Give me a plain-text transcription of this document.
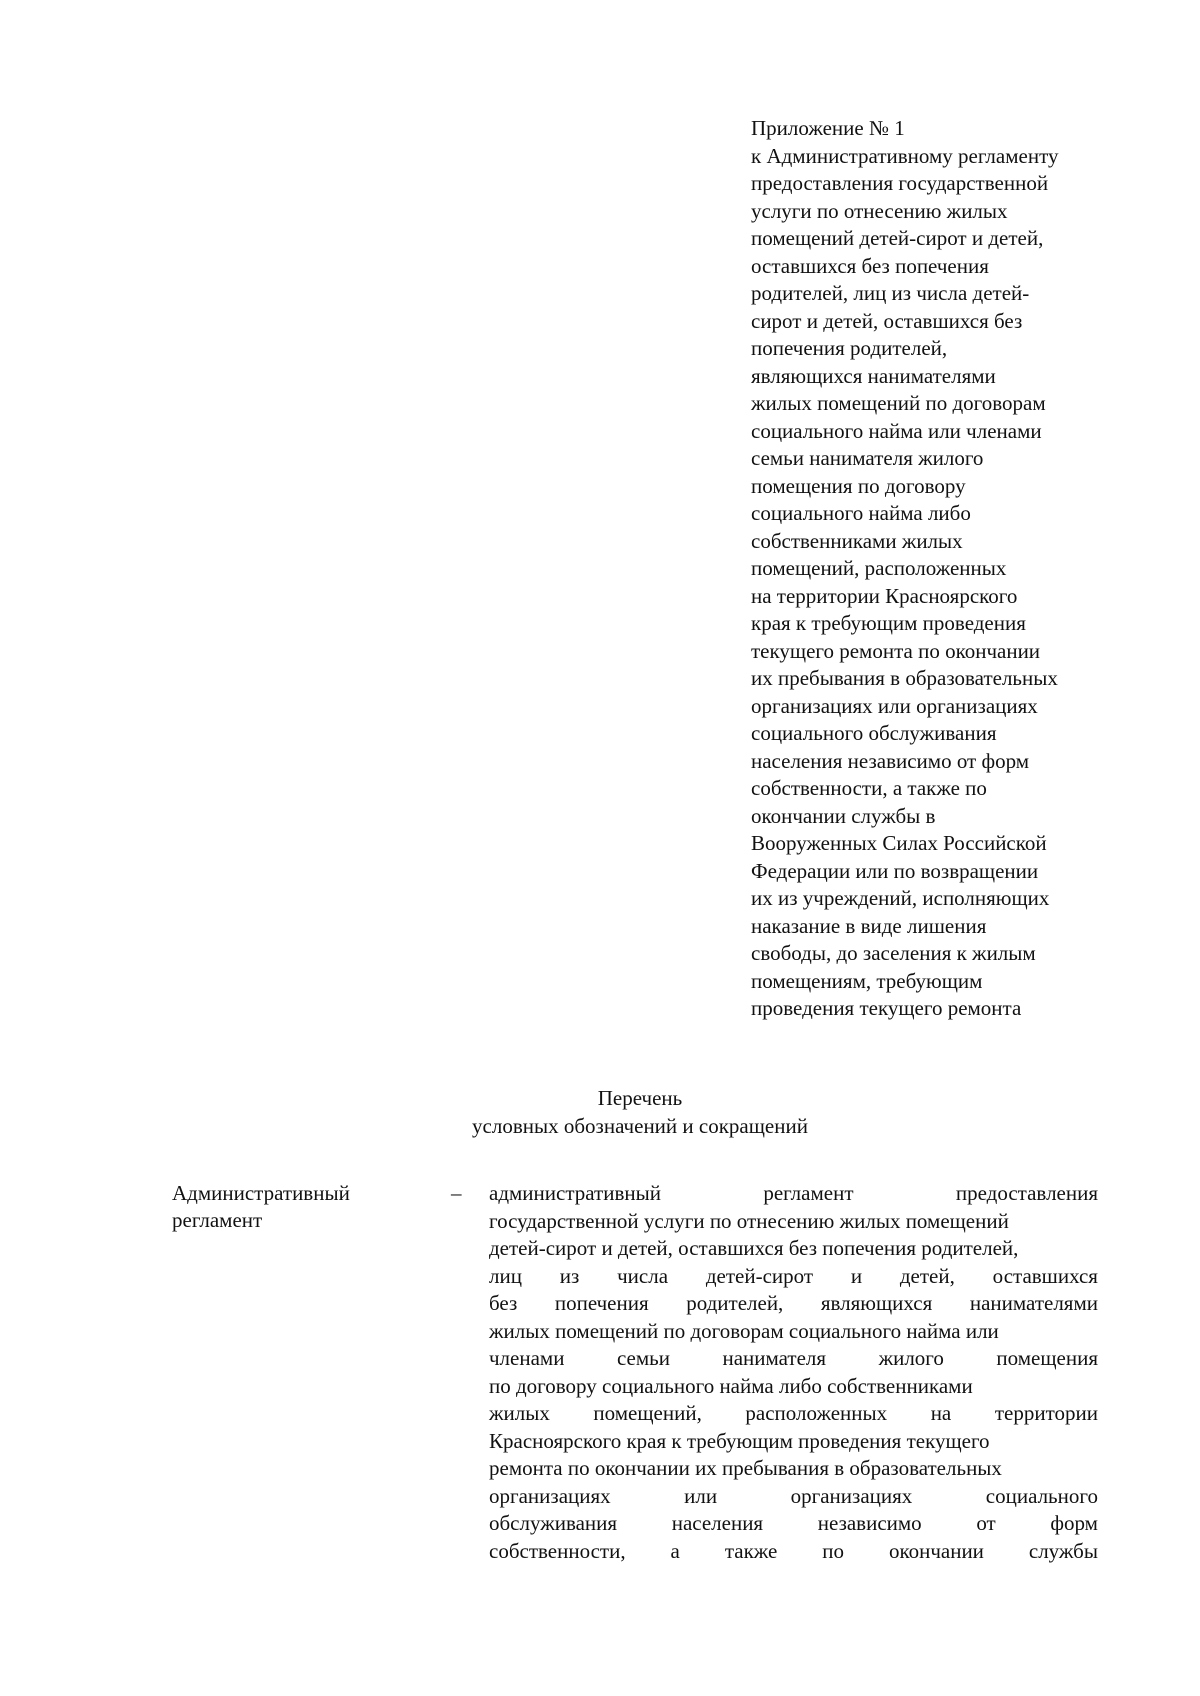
Приложение № 1
к Административному регламенту
предоставления государственной
услуги по отнесению жилых
помещений детей-сирот и детей,
оставшихся без попечения
родителей, лиц из числа детей-
сирот и детей, оставшихся без
попечения родителей,
являющихся нанимателями
жилых помещений по договорам
социального найма или членами
семьи нанимателя жилого
помещения по договору
социального найма либо
собственниками жилых
помещений, расположенных
на территории Красноярского
края к требующим проведения
текущего ремонта по окончании
их пребывания в образовательных
организациях или организациях
социального обслуживания
населения независимо от форм
собственности, а также по
окончании службы в
Вооруженных Силах Российской
Федерации или по возвращении
их из учреждений, исполняющих
наказание в виде лишения
свободы, до заселения к жилым
помещениям, требующим
проведения текущего ремонта
Перечень
условных обозначений и сокращений
Административный
регламент
– административный	регламент	предоставления
государственной услуги по отнесению жилых помещений
детей-сирот и детей, оставшихся без попечения родителей,
лиц из числа детей-сирот и детей, оставшихся
без попечения родителей, являющихся нанимателями
жилых помещений по договорам социального найма или
членами	семьи	нанимателя	жилого	помещения
по договору социального найма либо собственниками
жилых помещений, расположенных на территории
Красноярского края к требующим проведения текущего
ремонта по окончании их пребывания в образовательных
организациях	или	организациях	социального
обслуживания	населения	независимо	от	форм
собственности, а также по окончании службы
